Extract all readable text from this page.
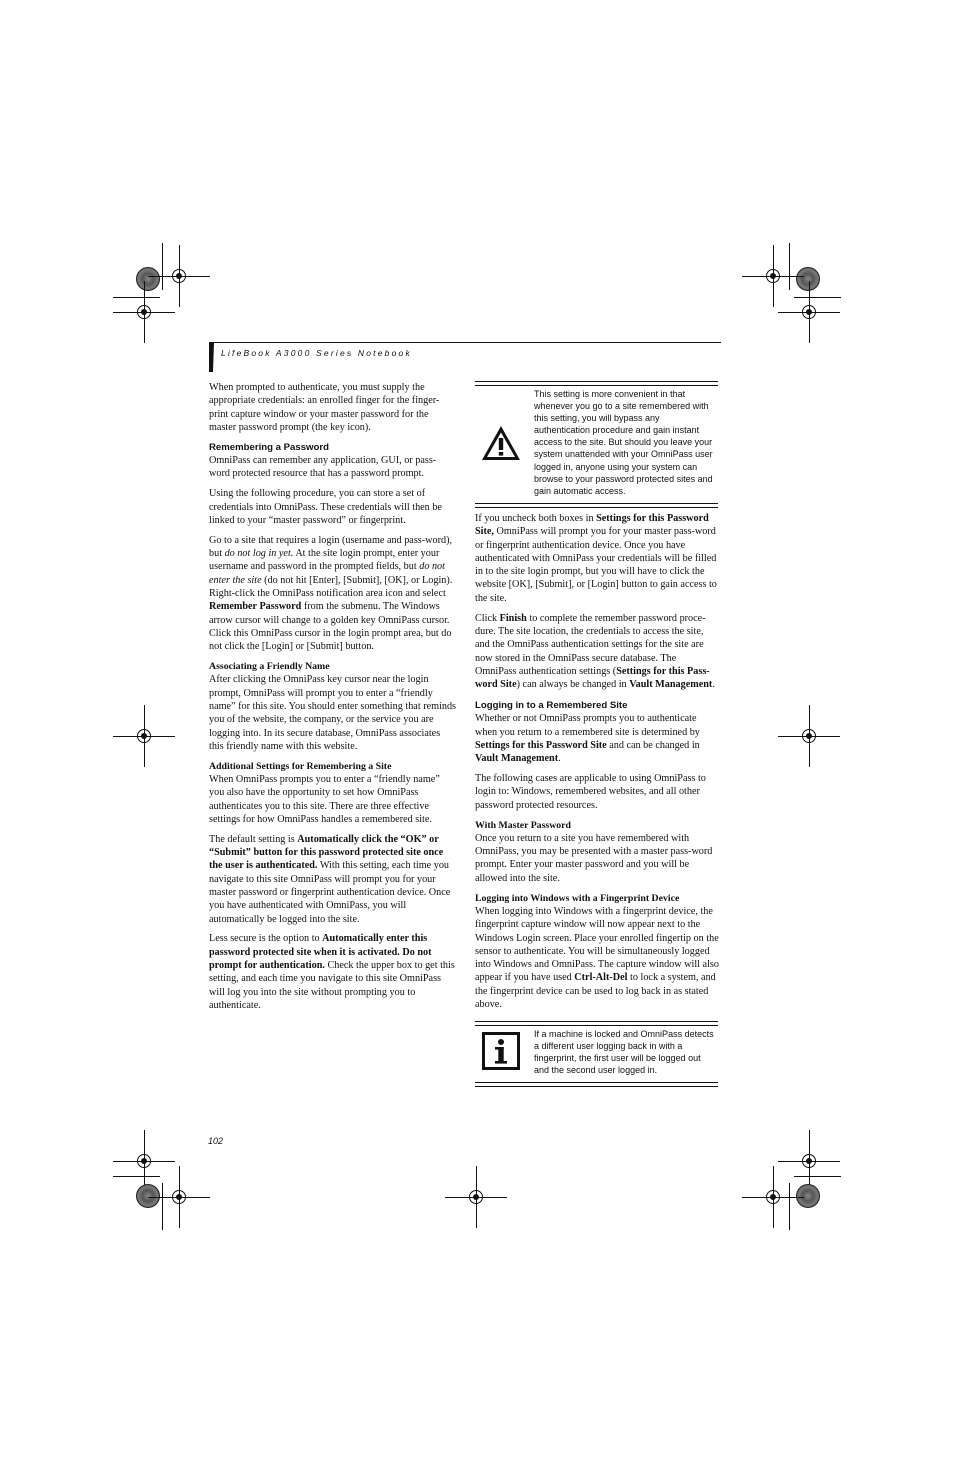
LifeBook A3000 Series Notebook

When prompted to authenticate, you must supply the appropriate credentials: an enrolled finger for the finger-print capture window or your master password for the master password prompt (the key icon).

Remembering a Password

OmniPass can remember any application, GUI, or pass-word protected resource that has a password prompt.

Using the following procedure, you can store a set of credentials into OmniPass. These credentials will then be linked to your “master password” or fingerprint.

Go to a site that requires a login (username and pass-word), but do not log in yet. At the site login prompt, enter your username and password in the prompted fields, but do not enter the site (do not hit [Enter], [Submit], [OK], or Login). Right-click the OmniPass notification area icon and select Remember Password from the submenu. The Windows arrow cursor will change to a golden key OmniPass cursor. Click this OmniPass cursor in the login prompt area, but do not click the [Login] or [Submit] button.

Associating a Friendly Name

After clicking the OmniPass key cursor near the login prompt, OmniPass will prompt you to enter a “friendly name” for this site. You should enter something that reminds you of the website, the company, or the service you are logging into. In its secure database, OmniPass associates this friendly name with this website.

Additional Settings for Remembering a Site

When OmniPass prompts you to enter a “friendly name” you also have the opportunity to set how OmniPass authenticates you to this site. There are three effective settings for how OmniPass handles a remembered site.

The default setting is Automatically click the “OK” or “Submit” button for this password protected site once the user is authenticated. With this setting, each time you navigate to this site OmniPass will prompt you for your master password or fingerprint authentication device. Once you have authenticated with OmniPass, you will automatically be logged into the site.

Less secure is the option to Automatically enter this password protected site when it is activated. Do not prompt for authentication. Check the upper box to get this setting, and each time you navigate to this site OmniPass will log you into the site without prompting you to authenticate.

This setting is more convenient in that whenever you go to a site remembered with this setting, you will bypass any authentication procedure and gain instant access to the site. But should you leave your system unattended with your OmniPass user logged in, anyone using your system can browse to your password protected sites and gain automatic access.

If you uncheck both boxes in Settings for this Password Site, OmniPass will prompt you for your master pass-word or fingerprint authentication device. Once you have authenticated with OmniPass your credentials will be filled in to the site login prompt, but you will have to click the website [OK], [Submit], or [Login] button to gain access to the site.

Click Finish to complete the remember password proce-dure. The site location, the credentials to access the site, and the OmniPass authentication settings for the site are now stored in the OmniPass secure database. The OmniPass authentication settings (Settings for this Pass-word Site) can always be changed in Vault Management.

Logging in to a Remembered Site

Whether or not OmniPass prompts you to authenticate when you return to a remembered site is determined by Settings for this Password Site and can be changed in Vault Management.

The following cases are applicable to using OmniPass to login to: Windows, remembered websites, and all other password protected resources.

With Master Password

Once you return to a site you have remembered with OmniPass, you may be presented with a master pass-word prompt. Enter your master password and you will be allowed into the site.

Logging into Windows with a Fingerprint Device

When logging into Windows with a fingerprint device, the fingerprint capture window will now appear next to the Windows Login screen. Place your enrolled fingertip on the sensor to authenticate. You will be simultaneously logged into Windows and OmniPass. The capture window will also appear if you have used Ctrl-Alt-Del to lock a system, and the fingerprint device can be used to log back in as stated above.

If a machine is locked and OmniPass detects a different user logging back in with a fingerprint, the first user will be logged out and the second user logged in.
102
